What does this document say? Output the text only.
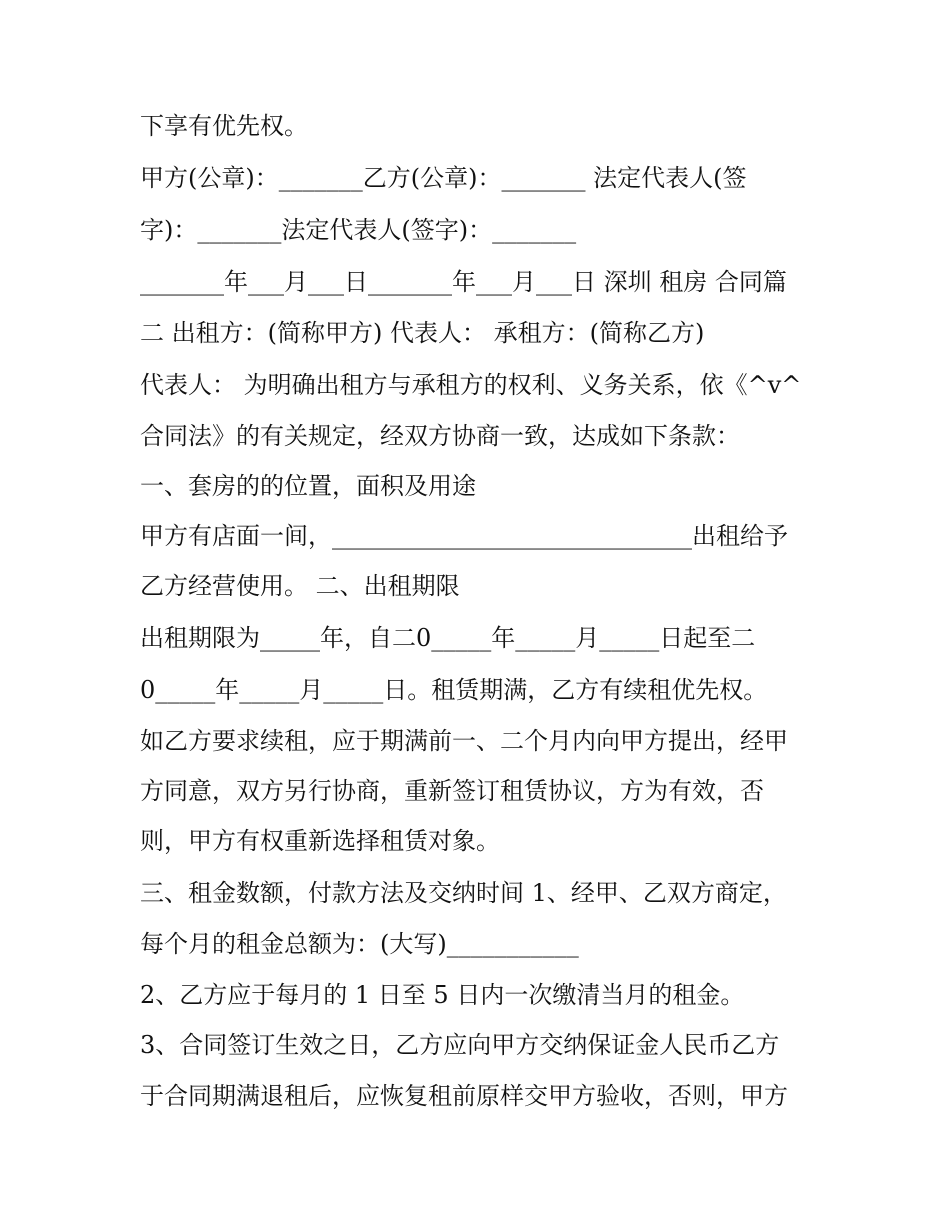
下享有优先权。
甲方(公章)：_______乙方(公章)：_______ 法定代表人(签
字)：_______法定代表人(签字)：_______
_______年___月___日_______年___月___日 深圳 租房 合同篇
二 出租方：(简称甲方) 代表人： 承租方：(简称乙方)
代表人： 为明确出租方与承租方的权利、义务关系，依《^v^
合同法》的有关规定，经双方协商一致，达成如下条款：
一、套房的的位置，面积及用途
甲方有店面一间，______________________________出租给予
乙方经营使用。 二、出租期限
出租期限为_____年，自二0_____年_____月_____日起至二
0_____年_____月_____日。租赁期满，乙方有续租优先权。
如乙方要求续租，应于期满前一、二个月内向甲方提出，经甲
方同意，双方另行协商，重新签订租赁协议，方为有效，否
则，甲方有权重新选择租赁对象。
三、租金数额，付款方法及交纳时间 1、经甲、乙双方商定，
每个月的租金总额为：(大写)___________
2、乙方应于每月的 1 日至 5 日内一次缴清当月的租金。
3、合同签订生效之日，乙方应向甲方交纳保证金人民币乙方
于合同期满退租后，应恢复租前原样交甲方验收，否则，甲方
